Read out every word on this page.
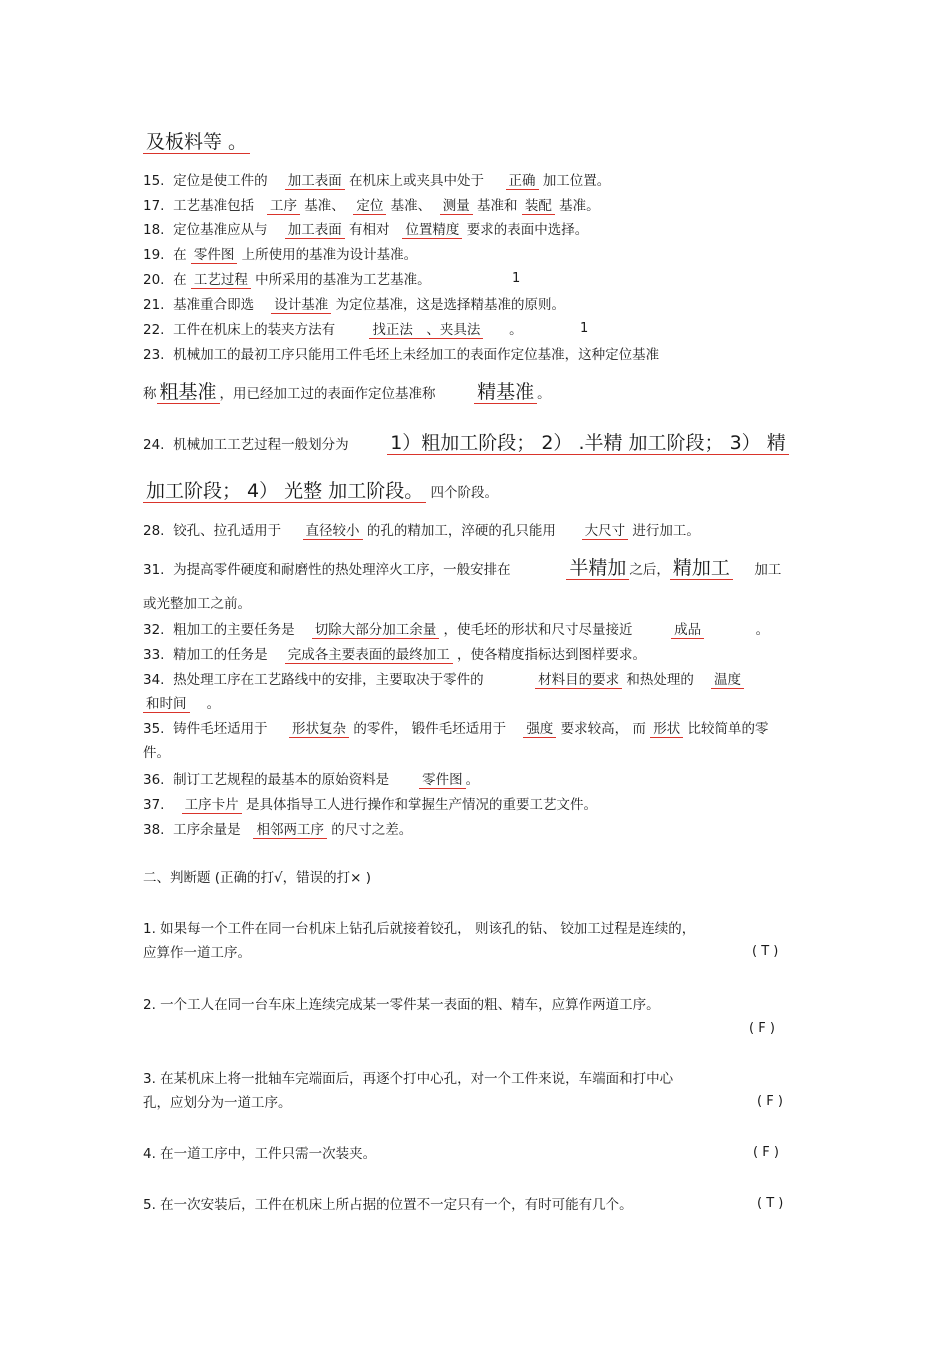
及板料等 。
15. 定位是使工件的 加工表面 在机床上或夹具中处于 正确 加工位置。
17. 工艺基准包括 工序 基准、 定位 基准、 测量 基准和 装配 基准。
18. 定位基准应从与 加工表面 有相对 位置精度 要求的表面中选择。
19. 在 零件图 上所使用的基准为设计基准。
20. 在 工艺过程 中所采用的基准为工艺基准。	1
21. 基准重合即选 设计基准 为定位基准，这是选择精基准的原则。
22. 工件在机床上的装夹方法有	找正法　、夹具法 。	1
23. 机械加工的最初工序只能用工件毛坯上未经加工的表面作定位基准，这种定位基准
称 粗基准 ，用已经加工过的表面作定位基准称 精基准 。
24. 机械加工工艺过程一般划分为 1）粗加工阶段； 2） .半精 加工阶段； 3） 精
加工阶段； 4） 光整 加工阶段。 四个阶段。
28. 铰孔、拉孔适用于 直径较小 的孔的精加工，淬硬的孔只能用 大尺寸 进行加工。
31. 为提高零件硬度和耐磨性的热处理淬火工序，一般安排在	半精加 之后， 精加工 加工
或光整加工之前。
32. 粗加工的主要任务是 切除大部分加工余量 ，使毛坯的形状和尺寸尽量接近	成品	。
33. 精加工的任务是 完成各主要表面的最终加工 ，使各精度指标达到图样要求。
34. 热处理工序在工艺路线中的安排，主要取决于零件的	材料目的要求 和热处理的 温度
和时间 。
35. 铸件毛坯适用于 形状复杂 的零件， 锻件毛坯适用于 强度 要求较高， 而 形状 比较简单的零
件。
36. 制订工艺规程的最基本的原始资料是 零件图 。
37. 工序卡片 是具体指导工人进行操作和掌握生产情况的重要工艺文件。
38. 工序余量是 相邻两工序 的尺寸之差。
二、判断题 (正确的打√，错误的打× )
1. 如果每一个工件在同一台机床上钻孔后就接着铰孔， 则该孔的钻、 铰加工过程是连续的，
应算作一道工序。	( T )
2. 一个工人在同一台车床上连续完成某一零件某一表面的粗、精车，应算作两道工序。
( F )
3. 在某机床上将一批轴车完端面后，再逐个打中心孔，对一个工件来说，车端面和打中心
孔，应划分为一道工序。	( F )
4. 在一道工序中，工件只需一次装夹。	( F )
5. 在一次安装后，工件在机床上所占据的位置不一定只有一个，有时可能有几个。	( T )
